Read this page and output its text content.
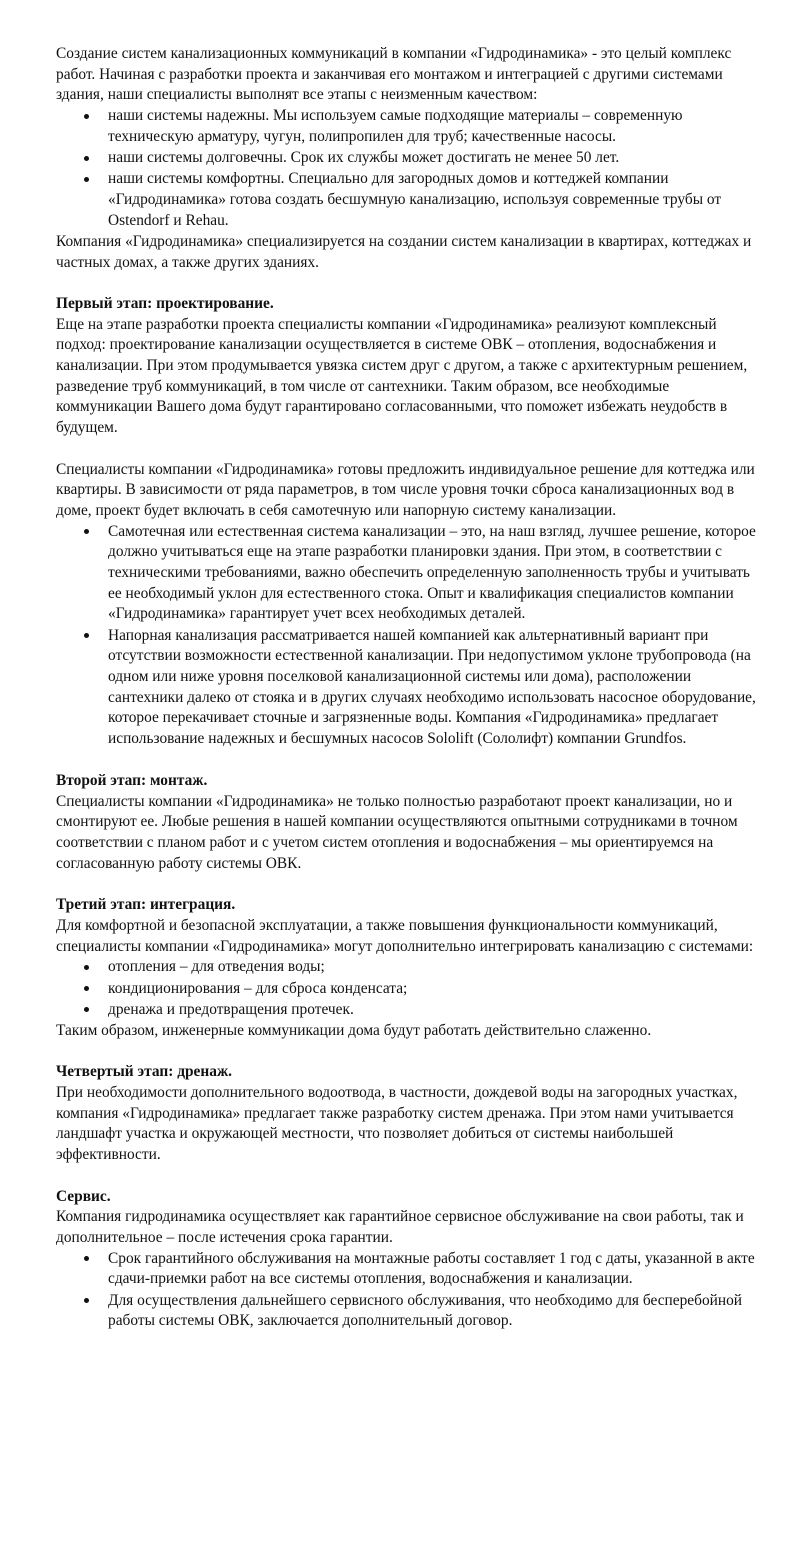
Создание систем канализационных коммуникаций в компании «Гидродинамика» - это целый комплекс работ. Начиная с разработки проекта и заканчивая его монтажом и интеграцией с другими системами здания, наши специалисты выполнят все этапы с неизменным качеством:

наши системы надежны. Мы используем самые подходящие материалы – современную техническую арматуру, чугун, полипропилен для труб; качественные насосы.
наши системы долговечны. Срок их службы может достигать не менее 50 лет.
наши системы комфортны. Специально для загородных домов и коттеджей компании «Гидродинамика» готова создать бесшумную канализацию, используя современные трубы от Ostendorf и Rehau.

Компания «Гидродинамика» специализируется на создании систем канализации в квартирах, коттеджах и частных домах, а также других зданиях.

Первый этап: проектирование.

Еще на этапе разработки проекта специалисты компании «Гидродинамика» реализуют комплексный подход: проектирование канализации осуществляется в системе ОВК – отопления, водоснабжения и канализации. При этом продумывается увязка систем друг с другом, а также с архитектурным решением, разведение труб коммуникаций, в том числе от сантехники. Таким образом, все необходимые коммуникации Вашего дома будут гарантировано согласованными, что поможет избежать неудобств в будущем.

Специалисты компании «Гидродинамика» готовы предложить индивидуальное решение для коттеджа или квартиры. В зависимости от ряда параметров, в том числе уровня точки сброса канализационных вод в доме, проект будет включать в себя самотечную или напорную систему канализации.

Самотечная или естественная система канализации – это, на наш взгляд, лучшее решение, которое должно учитываться еще на этапе разработки планировки здания. При этом, в соответствии с техническими требованиями, важно обеспечить определенную заполненность трубы и учитывать ее необходимый уклон для естественного стока. Опыт и квалификация специалистов компании «Гидродинамика» гарантирует учет всех необходимых деталей.
Напорная канализация рассматривается нашей компанией как альтернативный вариант при отсутствии возможности естественной канализации. При недопустимом уклоне трубопровода (на одном или ниже уровня поселковой канализационной системы или дома), расположении сантехники далеко от стояка и в других случаях необходимо использовать насосное оборудование, которое перекачивает сточные и загрязненные воды. Компания «Гидродинамика» предлагает использование надежных и бесшумных насосов Sololift (Сололифт) компании Grundfos.

Второй этап: монтаж.

Специалисты компании «Гидродинамика» не только полностью разработают проект канализации, но и смонтируют ее. Любые решения в нашей компании осуществляются опытными сотрудниками в точном соответствии с планом работ и с учетом систем отопления и водоснабжения – мы ориентируемся на согласованную работу системы ОВК.

Третий этап: интеграция.

Для комфортной и безопасной эксплуатации, а также повышения функциональности коммуникаций, специалисты компании «Гидродинамика» могут дополнительно интегрировать канализацию с системами:

отопления – для отведения воды;
кондиционирования – для сброса конденсата;
дренажа и предотвращения протечек.

Таким образом, инженерные коммуникации дома будут работать действительно слаженно.

Четвертый этап: дренаж.

При необходимости дополнительного водоотвода, в частности, дождевой воды на загородных участках, компания «Гидродинамика» предлагает также разработку систем дренажа. При этом нами учитывается ландшафт участка и окружающей местности, что позволяет добиться от системы наибольшей эффективности.

Сервис.

Компания гидродинамика осуществляет как гарантийное сервисное обслуживание на свои работы, так и дополнительное – после истечения срока гарантии.

Срок гарантийного обслуживания на монтажные работы составляет 1 год с даты, указанной в акте сдачи-приемки работ на все системы отопления, водоснабжения и канализации.
Для осуществления дальнейшего сервисного обслуживания, что необходимо для бесперебойной работы системы ОВК, заключается дополнительный договор.
